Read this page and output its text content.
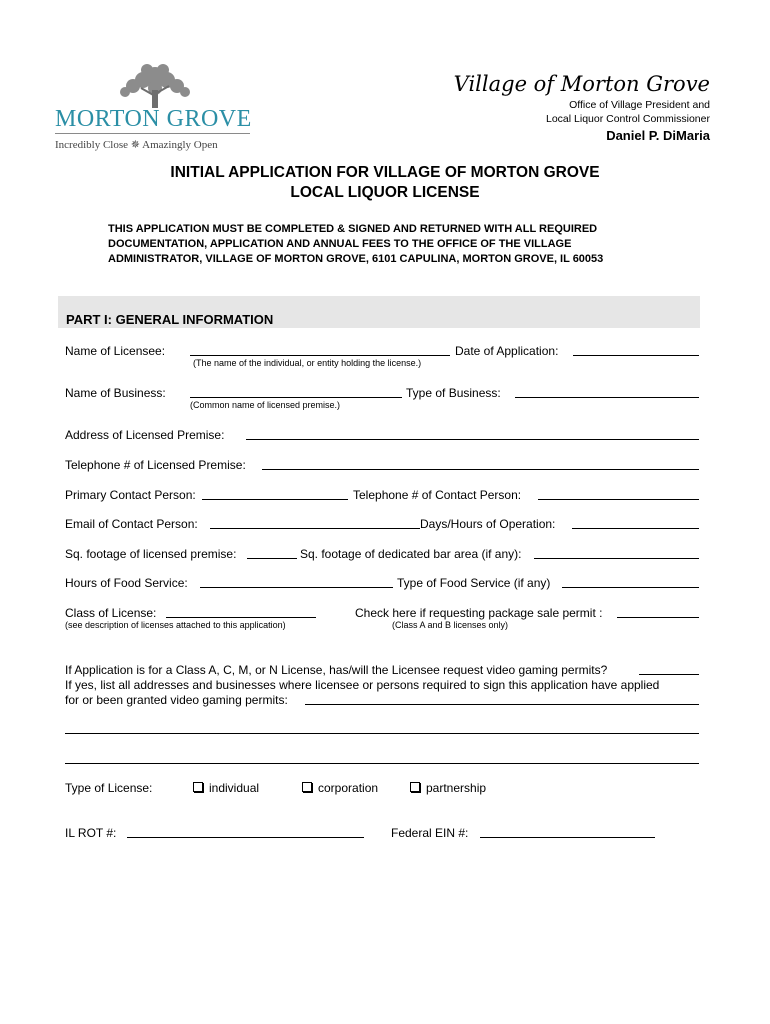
MORTON GROVE
Incredibly Close ✵ Amazingly Open
Village of Morton Grove
Office of Village President and
Local Liquor Control Commissioner
Daniel P. DiMaria
INITIAL APPLICATION FOR VILLAGE OF MORTON GROVE
LOCAL LIQUOR LICENSE
THIS APPLICATION MUST BE COMPLETED & SIGNED AND RETURNED WITH ALL REQUIRED
DOCUMENTATION, APPLICATION AND ANNUAL FEES TO THE OFFICE OF THE VILLAGE
ADMINISTRATOR, VILLAGE OF MORTON GROVE, 6101 CAPULINA, MORTON GROVE, IL 60053
PART I: GENERAL INFORMATION
Name of Licensee:
(The name of the individual, or entity holding the license.)
Date of Application:
Name of Business:
(Common name of licensed premise.)
Type of Business:
Address of Licensed Premise:
Telephone # of Licensed Premise:
Primary Contact Person:	Telephone # of Contact Person:
Email of Contact Person:	Days/Hours of Operation:
Sq. footage of licensed premise:	Sq. footage of dedicated bar area (if any):
Hours of Food Service:	Type of Food Service (if any)
Class of License:
(see description of licenses attached to this application)
Check here if requesting package sale permit :
(Class A and B licenses only)
If Application is for a Class A, C, M, or N License, has/will the Licensee request video gaming permits?
If yes, list all addresses and businesses where licensee or persons required to sign this application have applied
for or been granted video gaming permits:
Type of License:	individual	corporation	partnership
IL ROT #:	Federal EIN #:
